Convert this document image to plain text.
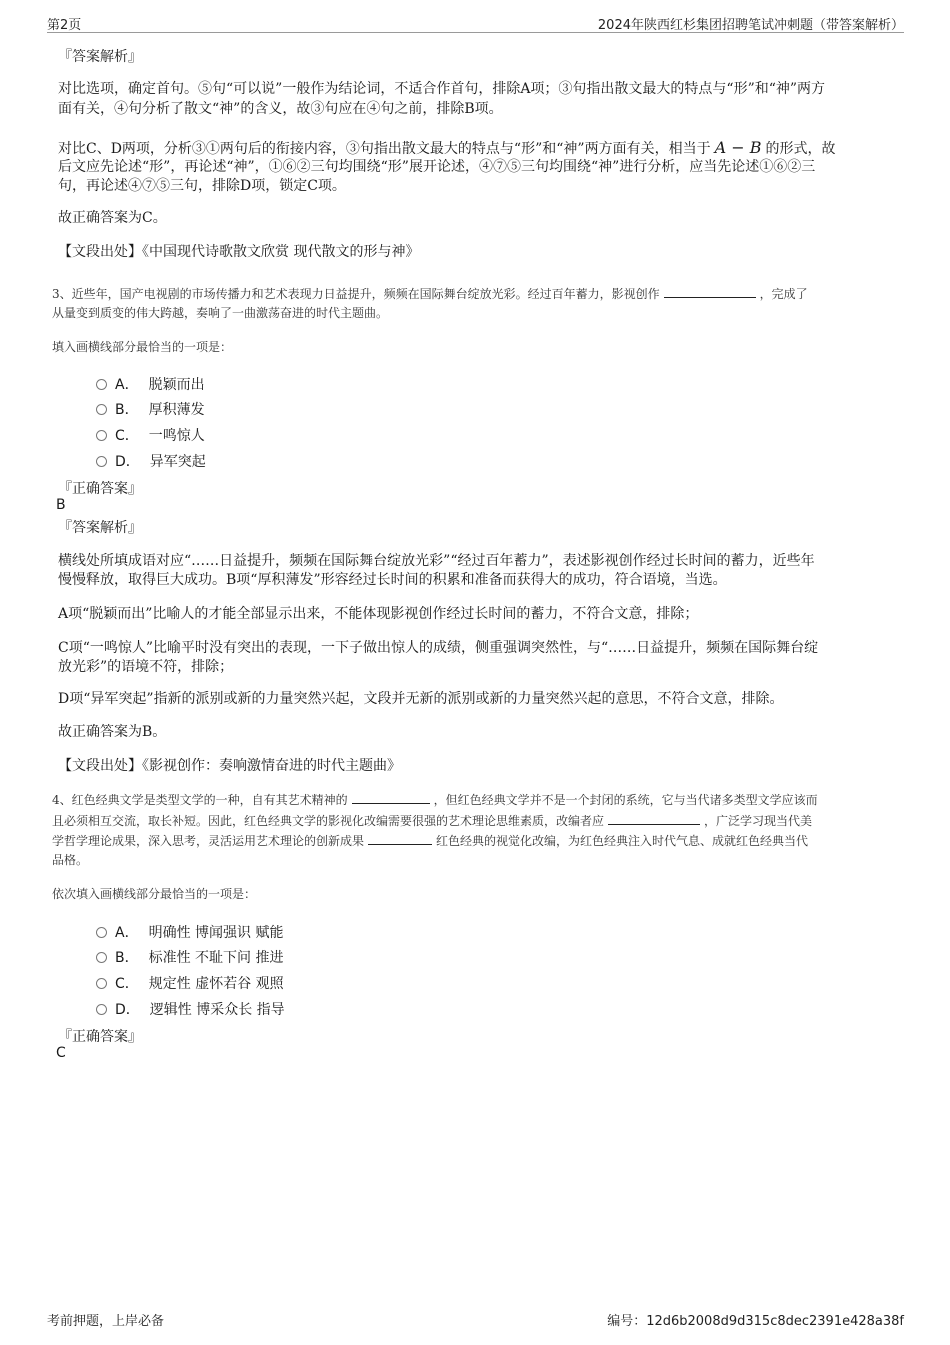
第2页	2024年陕西红杉集团招聘笔试冲刺题（带答案解析）
『答案解析』
对比选项，确定首句。⑤句“可以说”一般作为结论词，不适合作首句，排除A项；③句指出散文最大的特点与“形”和“神”两方
面有关，④句分析了散文“神”的含义，故③句应在④句之前，排除B项。
对比C、D两项，分析③①两句后的衔接内容，③句指出散文最大的特点与“形”和“神”两方面有关，相当于 A − B 的形式，故
后文应先论述“形”，再论述“神”，①⑥②三句均围绕“形”展开论述，④⑦⑤三句均围绕“神”进行分析，应当先论述①⑥②三
句，再论述④⑦⑤三句，排除D项，锁定C项。
故正确答案为C。
【文段出处】《中国现代诗歌散文欣赏 现代散文的形与神》
3、近些年，国产电视剧的市场传播力和艺术表现力日益提升，频频在国际舞台绽放光彩。经过百年蓄力，影视创作	，完成了
从量变到质变的伟大跨越，奏响了一曲激荡奋进的时代主题曲。
填入画横线部分最恰当的一项是：
A． 脱颖而出
B． 厚积薄发
C． 一鸣惊人
D． 异军突起
『正确答案』
B
『答案解析』
横线处所填成语对应“……日益提升，频频在国际舞台绽放光彩”“经过百年蓄力”，表述影视创作经过长时间的蓄力，近些年
慢慢释放，取得巨大成功。B项“厚积薄发”形容经过长时间的积累和准备而获得大的成功，符合语境，当选。
A项“脱颖而出”比喻人的才能全部显示出来，不能体现影视创作经过长时间的蓄力，不符合文意，排除；
C项“一鸣惊人”比喻平时没有突出的表现，一下子做出惊人的成绩，侧重强调突然性，与“……日益提升，频频在国际舞台绽
放光彩”的语境不符，排除；
D项“异军突起”指新的派别或新的力量突然兴起，文段并无新的派别或新的力量突然兴起的意思，不符合文意，排除。
故正确答案为B。
【文段出处】《影视创作：奏响激情奋进的时代主题曲》
4、红色经典文学是类型文学的一种，自有其艺术精神的	，但红色经典文学并不是一个封闭的系统，它与当代诸多类型文学应该而
且必须相互交流，取长补短。因此，红色经典文学的影视化改编需要很强的艺术理论思维素质，改编者应	，广泛学习现当代美
学哲学理论成果，深入思考，灵活运用艺术理论的创新成果	红色经典的视觉化改编，为红色经典注入时代气息、成就红色经典当代
品格。
依次填入画横线部分最恰当的一项是：
A． 明确性 博闻强识 赋能
B． 标准性 不耻下问 推进
C． 规定性 虚怀若谷 观照
D． 逻辑性 博采众长 指导
『正确答案』
C
考前押题，上岸必备	编号：12d6b2008d9d315c8dec2391e428a38f
